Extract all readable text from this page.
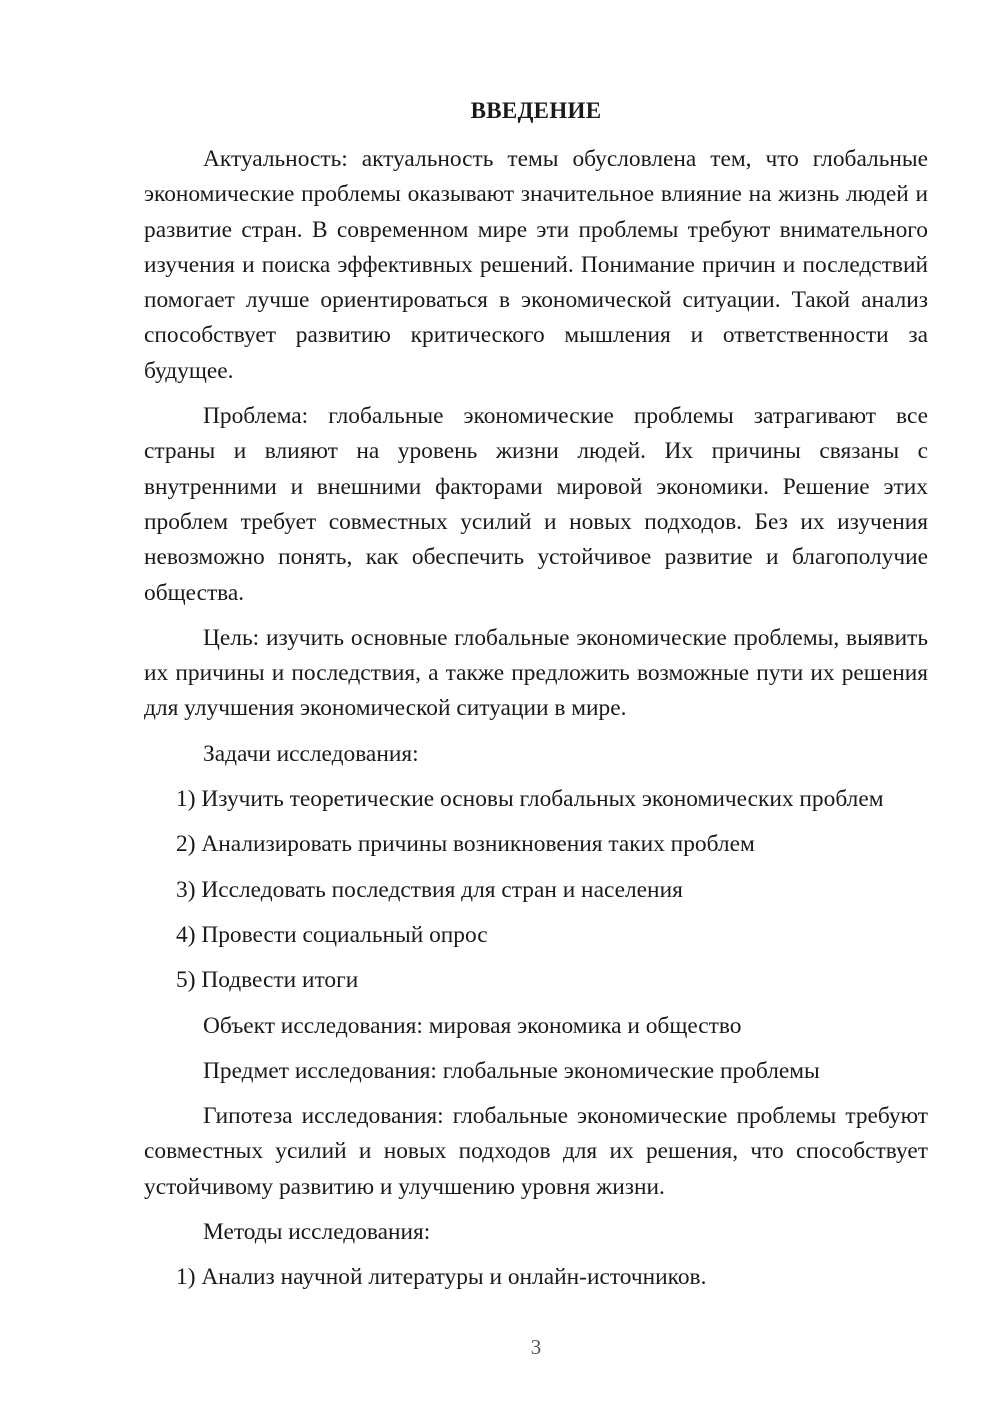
ВВЕДЕНИЕ

Актуальность: актуальность темы обусловлена тем, что глобальные экономические проблемы оказывают значительное влияние на жизнь людей и развитие стран. В современном мире эти проблемы требуют внимательного изучения и поиска эффективных решений. Понимание причин и последствий помогает лучше ориентироваться в экономической ситуации. Такой анализ способствует развитию критического мышления и ответственности за будущее.

Проблема: глобальные экономические проблемы затрагивают все страны и влияют на уровень жизни людей. Их причины связаны с внутренними и внешними факторами мировой экономики. Решение этих проблем требует совместных усилий и новых подходов. Без их изучения невозможно понять, как обеспечить устойчивое развитие и благополучие общества.

Цель: изучить основные глобальные экономические проблемы, выявить их причины и последствия, а также предложить возможные пути их решения для улучшения экономической ситуации в мире.

Задачи исследования:

1) Изучить теоретические основы глобальных экономических проблем
2) Анализировать причины возникновения таких проблем
3) Исследовать последствия для стран и населения
4) Провести социальный опрос
5) Подвести итоги

Объект исследования: мировая экономика и общество

Предмет исследования: глобальные экономические проблемы

Гипотеза исследования: глобальные экономические проблемы требуют совместных усилий и новых подходов для их решения, что способствует устойчивому развитию и улучшению уровня жизни.

Методы исследования:

1) Анализ научной литературы и онлайн-источников.
3
